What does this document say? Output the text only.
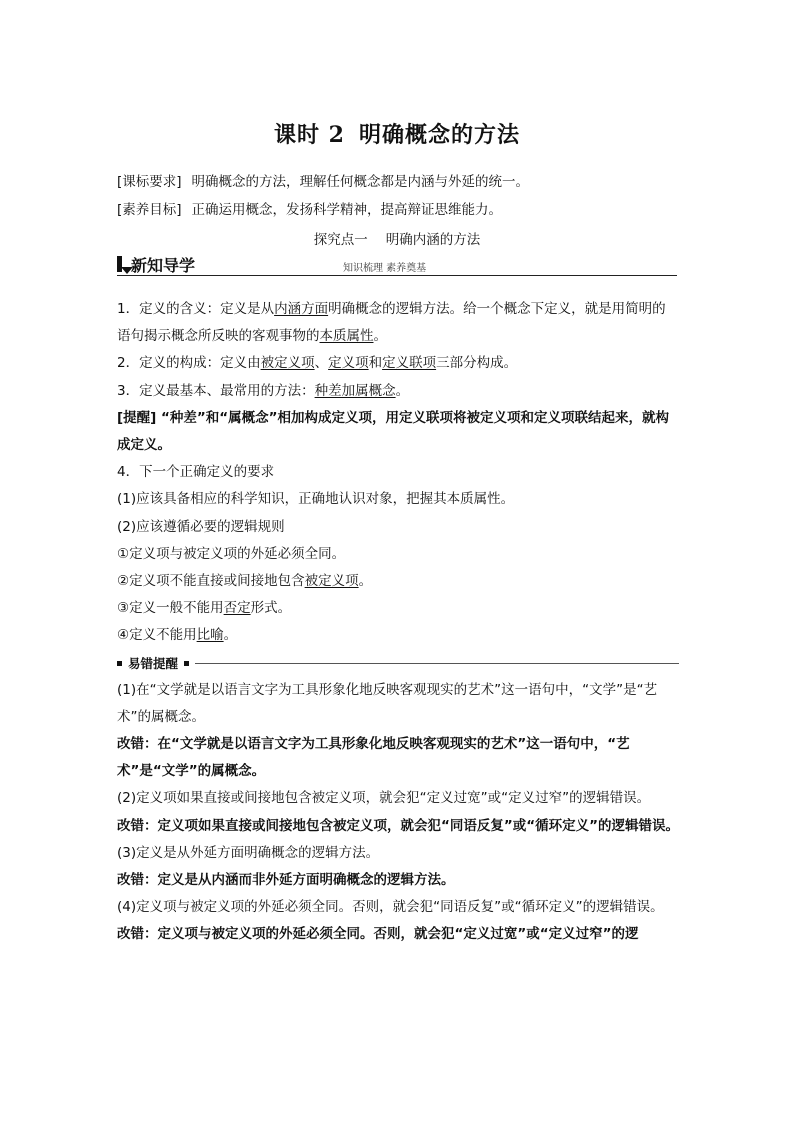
课时 2 明确概念的方法
[课标要求] 明确概念的方法，理解任何概念都是内涵与外延的统一。
[素养目标] 正确运用概念，发扬科学精神，提高辩证思维能力。
探究点一 明确内涵的方法
新知导学	知识梳理 素养奠基

1．定义的含义：定义是从内涵方面明确概念的逻辑方法。给一个概念下定义，就是用简明的语句揭示概念所反映的客观事物的本质属性。

2．定义的构成：定义由被定义项、定义项和定义联项三部分构成。

3．定义最基本、最常用的方法：种差加属概念。

[提醒] “种差”和“属概念”相加构成定义项，用定义联项将被定义项和定义项联结起来，就构成定义。

4．下一个正确定义的要求

(1)应该具备相应的科学知识，正确地认识对象，把握其本质属性。

(2)应该遵循必要的逻辑规则

①定义项与被定义项的外延必须全同。

②定义项不能直接或间接地包含被定义项。

③定义一般不能用否定形式。

④定义不能用比喻。

易错提醒

(1)在“文学就是以语言文字为工具形象化地反映客观现实的艺术”这一语句中，“文学”是“艺术”的属概念。

改错：在“文学就是以语言文字为工具形象化地反映客观现实的艺术”这一语句中，“艺术”是“文学”的属概念。

(2)定义项如果直接或间接地包含被定义项，就会犯“定义过宽”或“定义过窄”的逻辑错误。

改错：定义项如果直接或间接地包含被定义项，就会犯“同语反复”或“循环定义”的逻辑错误。

(3)定义是从外延方面明确概念的逻辑方法。

改错：定义是从内涵而非外延方面明确概念的逻辑方法。

(4)定义项与被定义项的外延必须全同。否则，就会犯“同语反复”或“循环定义”的逻辑错误。

改错：定义项与被定义项的外延必须全同。否则，就会犯“定义过宽”或“定义过窄”的逻
